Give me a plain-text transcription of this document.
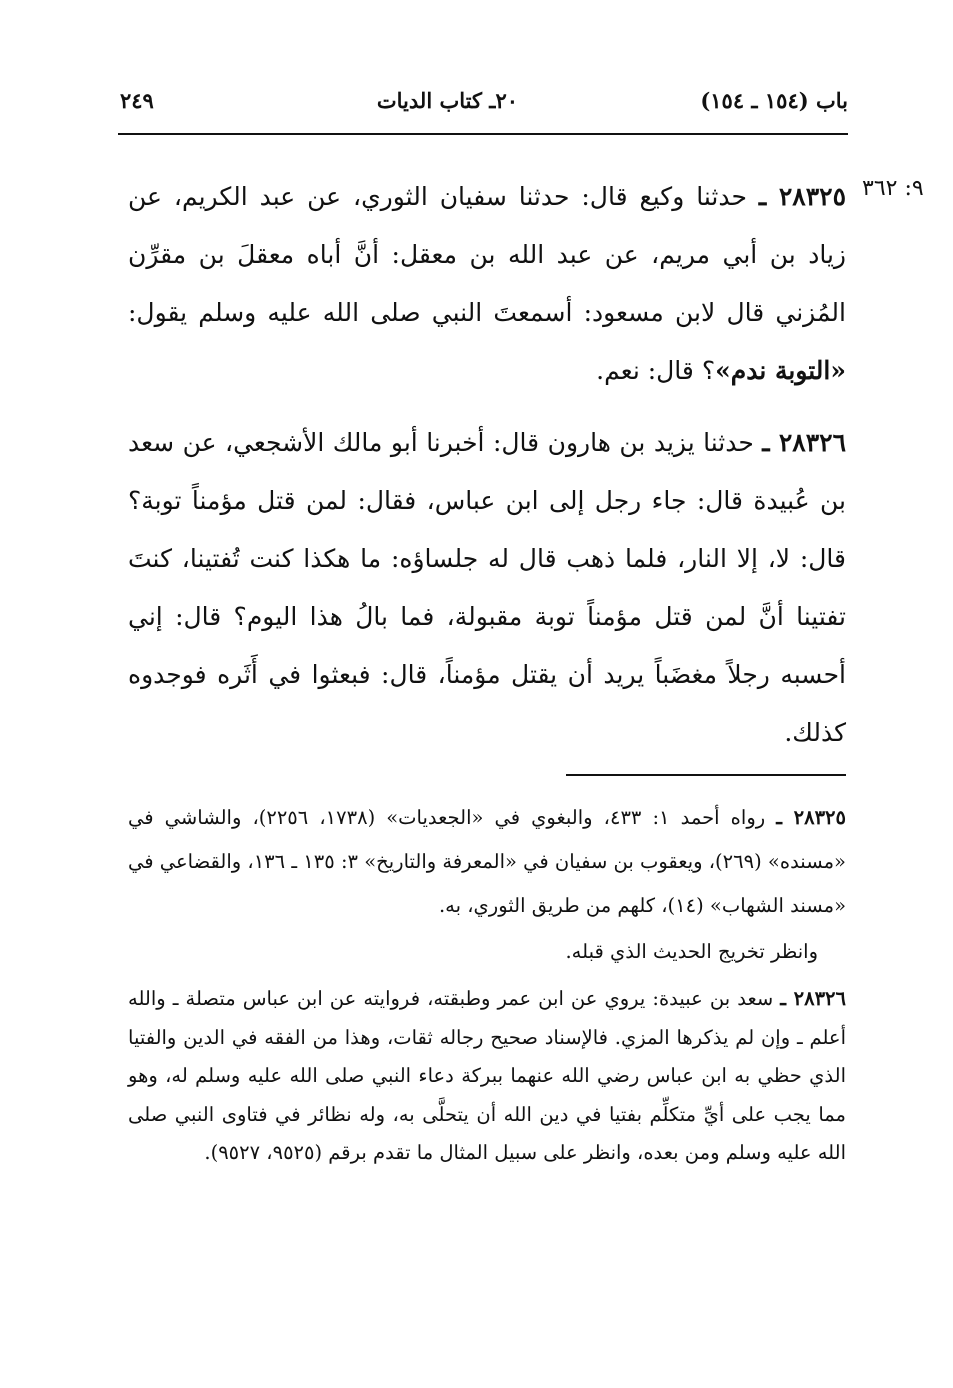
باب (١٥٤ ـ ١٥٤)
٢٠ـ كتاب الديات
٢٤٩
٩: ٣٦٢

٢٨٣٢٥ ـ حدثنا وكيع قال: حدثنا سفيان الثوري، عن عبد الكريم، عن زياد بن أبي مريم، عن عبد الله بن معقل: أنَّ أباه معقلَ بن مقرِّن المُزني قال لابن مسعود: أسمعتَ النبي صلى الله عليه وسلم يقول: «التوبة ندم»؟ قال: نعم.

٢٨٣٢٦ ـ حدثنا يزيد بن هارون قال: أخبرنا أبو مالك الأشجعي، عن سعد بن عُبيدة قال: جاء رجل إلى ابن عباس، فقال: لمن قتل مؤمناً توبة؟ قال: لا، إلا النار، فلما ذهب قال له جلساؤه: ما هكذا كنت تُفتينا، كنتَ تفتينا أنَّ لمن قتل مؤمناً توبة مقبولة، فما بالُ هذا اليوم؟ قال: إني أحسبه رجلاً مغضَباً يريد أن يقتل مؤمناً، قال: فبعثوا في أَثَره فوجدوه كذلك.

٢٨٣٢٥ ـ رواه أحمد ١: ٤٣٣، والبغوي في «الجعديات» (١٧٣٨، ٢٢٥٦)، والشاشي في «مسنده» (٢٦٩)، ويعقوب بن سفيان في «المعرفة والتاريخ» ٣: ١٣٥ ـ ١٣٦، والقضاعي في «مسند الشهاب» (١٤)، كلهم من طريق الثوري، به.

وانظر تخريج الحديث الذي قبله.

٢٨٣٢٦ ـ سعد بن عبيدة: يروي عن ابن عمر وطبقته، فروايته عن ابن عباس متصلة ـ والله أعلم ـ وإن لم يذكرها المزي. فالإسناد صحيح رجاله ثقات، وهذا من الفقه في الدين والفتيا الذي حظي به ابن عباس رضي الله عنهما ببركة دعاء النبي صلى الله عليه وسلم له، وهو مما يجب على أيِّ متكلِّم بفتيا في دين الله أن يتحلَّى به، وله نظائر في فتاوى النبي صلى الله عليه وسلم ومن بعده، وانظر على سبيل المثال ما تقدم برقم (٩٥٢٥، ٩٥٢٧).
